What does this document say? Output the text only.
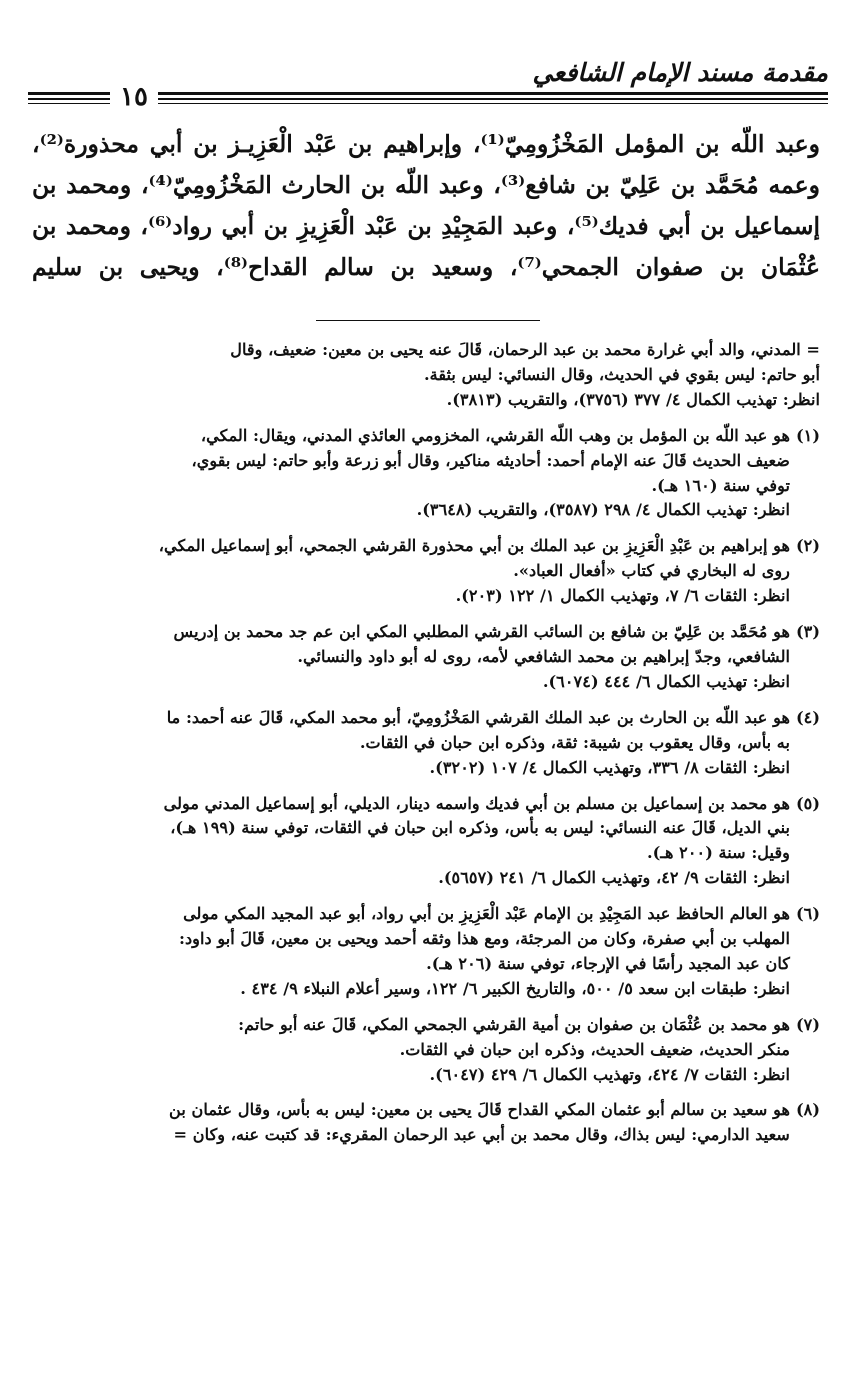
مقدمة مسند الإمام الشافعي
١٥

وعبد اللّه بن المؤمل المَخْزُومِيّ⁽¹⁾، وإبراهيم بن عَبْد الْعَزِيـز بن أبي محذورة⁽²⁾،

وعمه مُحَمَّد بن عَلِيّ بن شافع⁽³⁾، وعبد اللّه بن الحارث المَخْزُومِيّ⁽⁴⁾، ومحمد بن

إسماعيل بن أبي فديك⁽⁵⁾، وعبد المَجِيْدِ بن عَبْد الْعَزِيزِ بن أبي رواد⁽⁶⁾، ومحمد بن

عُثْمَان بن صفوان الجمحي⁽⁷⁾، وسعيد بن سالم القداح⁽⁸⁾، ويحيى بن سليم

= المدني، والد أبي غرارة محمد بن عبد الرحمان، قَالَ عنه يحيى بن معين: ضعيف، وقال

أبو حاتم: ليس بقوي في الحديث، وقال النسائي: ليس بثقة.

انظر: تهذيب الكمال ٤/ ٣٧٧ (٣٧٥٦)، والتقريب (٣٨١٣).

(١)هو عبد اللّه بن المؤمل بن وهب اللّه القرشي، المخزومي العائذي المدني، ويقال: المكي،

ضعيف الحديث قَالَ عنه الإمام أحمد: أحاديثه مناكير، وقال أبو زرعة وأبو حاتم: ليس بقوي،

توفي سنة (١٦٠ هـ).

انظر: تهذيب الكمال ٤/ ٢٩٨ (٣٥٨٧)، والتقريب (٣٦٤٨).

(٢)هو إبراهيم بن عَبْدِ الْعَزِيزِ بن عبد الملك بن أبي محذورة القرشي الجمحي، أبو إسماعيل المكي،

روى له البخاري في كتاب «أفعال العباد».

انظر: الثقات ٦/ ٧، وتهذيب الكمال ١/ ١٢٢ (٢٠٣).

(٣)هو مُحَمَّد بن عَلِيّ بن شافع بن السائب القرشي المطلبي المكي ابن عم جد محمد بن إدريس

الشافعي، وجدّ إبراهيم بن محمد الشافعي لأمه، روى له أبو داود والنسائي.

انظر: تهذيب الكمال ٦/ ٤٤٤ (٦٠٧٤).

(٤)هو عبد اللّه بن الحارث بن عبد الملك القرشي المَخْزُومِيّ، أبو محمد المكي، قَالَ عنه أحمد: ما

به بأس، وقال يعقوب بن شيبة: ثقة، وذكره ابن حبان في الثقات.

انظر: الثقات ٨/ ٣٣٦، وتهذيب الكمال ٤/ ١٠٧ (٣٢٠٢).

(٥)هو محمد بن إسماعيل بن مسلم بن أبي فديك واسمه دينار، الديلي، أبو إسماعيل المدني مولى

بني الديل، قَالَ عنه النسائي: ليس به بأس، وذكره ابن حبان في الثقات، توفي سنة (١٩٩ هـ)،

وقيل: سنة (٢٠٠ هـ).

انظر: الثقات ٩/ ٤٢، وتهذيب الكمال ٦/ ٢٤١ (٥٦٥٧).

(٦)هو العالم الحافظ عبد المَجِيْدِ بن الإمام عَبْد الْعَزِيزِ بن أبي رواد، أبو عبد المجيد المكي مولى

المهلب بن أبي صفرة، وكان من المرجئة، ومع هذا وثقه أحمد ويحيى بن معين، قَالَ أبو داود:

كان عبد المجيد رأسًا في الإرجاء، توفي سنة (٢٠٦ هـ).

انظر: طبقات ابن سعد ٥/ ٥٠٠، والتاريخ الكبير ٦/ ١٢٢، وسير أعلام النبلاء ٩/ ٤٣٤ .

(٧)هو محمد بن عُثْمَان بن صفوان بن أمية القرشي الجمحي المكي، قَالَ عنه أبو حاتم:

منكر الحديث، ضعيف الحديث، وذكره ابن حبان في الثقات.

انظر: الثقات ٧/ ٤٢٤، وتهذيب الكمال ٦/ ٤٢٩ (٦٠٤٧).

(٨)هو سعيد بن سالم أبو عثمان المكي القداح قَالَ يحيى بن معين: ليس به بأس، وقال عثمان بن

سعيد الدارمي: ليس بذاك، وقال محمد بن أبي عبد الرحمان المقريء: قد كتبت عنه، وكان =
